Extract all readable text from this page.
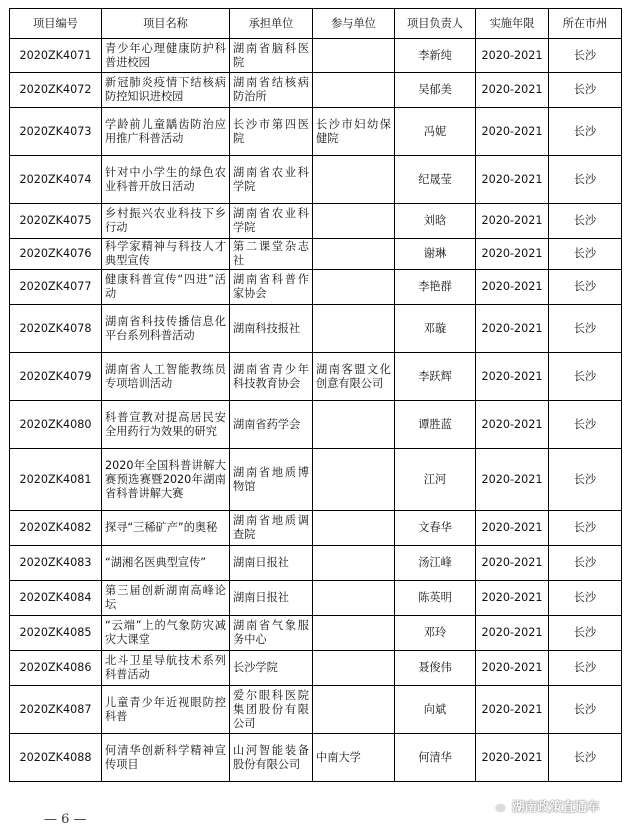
项目编号	项目名称	承担单位	参与单位	项目负责人	实施年限	所在市州
2020ZK4071	青少年心理健康防护科普进校园	湖南省脑科医院		李新纯	2020-2021	长沙
2020ZK4072	新冠肺炎疫情下结核病防控知识进校园	湖南省结核病防治所		吴郁美	2020-2021	长沙
2020ZK4073	学龄前儿童龋齿防治应用推广科普活动	长沙市第四医院	长沙市妇幼保健院	冯妮	2020-2021	长沙
2020ZK4074	针对中小学生的绿色农业科普开放日活动	湖南省农业科学院		纪晟莹	2020-2021	长沙
2020ZK4075	乡村振兴农业科技下乡行动	湖南省农业科学院		刘晗	2020-2021	长沙
2020ZK4076	科学家精神与科技人才典型宣传	第二课堂杂志社		谢琳	2020-2021	长沙
2020ZK4077	健康科普宣传“四进”活动	湖南省科普作家协会		李艳群	2020-2021	长沙
2020ZK4078	湖南省科技传播信息化平台系列科普活动	湖南科技报社		邓璇	2020-2021	长沙
2020ZK4079	湖南省人工智能教练员专项培训活动	湖南省青少年科技教育协会	湖南客盟文化创意有限公司	李跃辉	2020-2021	长沙
2020ZK4080	科普宣教对提高居民安全用药行为效果的研究	湖南省药学会		谭胜蓝	2020-2021	长沙
2020ZK4081	2020年全国科普讲解大赛预选赛暨2020年湖南省科普讲解大赛	湖南省地质博物馆		江河	2020-2021	长沙
2020ZK4082	探寻“三稀矿产”的奥秘	湖南省地质调查院		文春华	2020-2021	长沙
2020ZK4083	“湖湘名医典型宣传”	湖南日报社		汤江峰	2020-2021	长沙
2020ZK4084	第三届创新湖南高峰论坛	湖南日报社		陈英明	2020-2021	长沙
2020ZK4085	“云端”上的气象防灾减灾大课堂	湖南省气象服务中心		邓玲	2020-2021	长沙
2020ZK4086	北斗卫星导航技术系列科普活动	长沙学院		聂俊伟	2020-2021	长沙
2020ZK4087	儿童青少年近视眼防控科普	爱尔眼科医院集团股份有限公司		向斌	2020-2021	长沙
2020ZK4088	何清华创新科学精神宣传项目	山河智能装备股份有限公司	中南大学	何清华	2020-2021	长沙
— 6 —
湖南政策直通车
